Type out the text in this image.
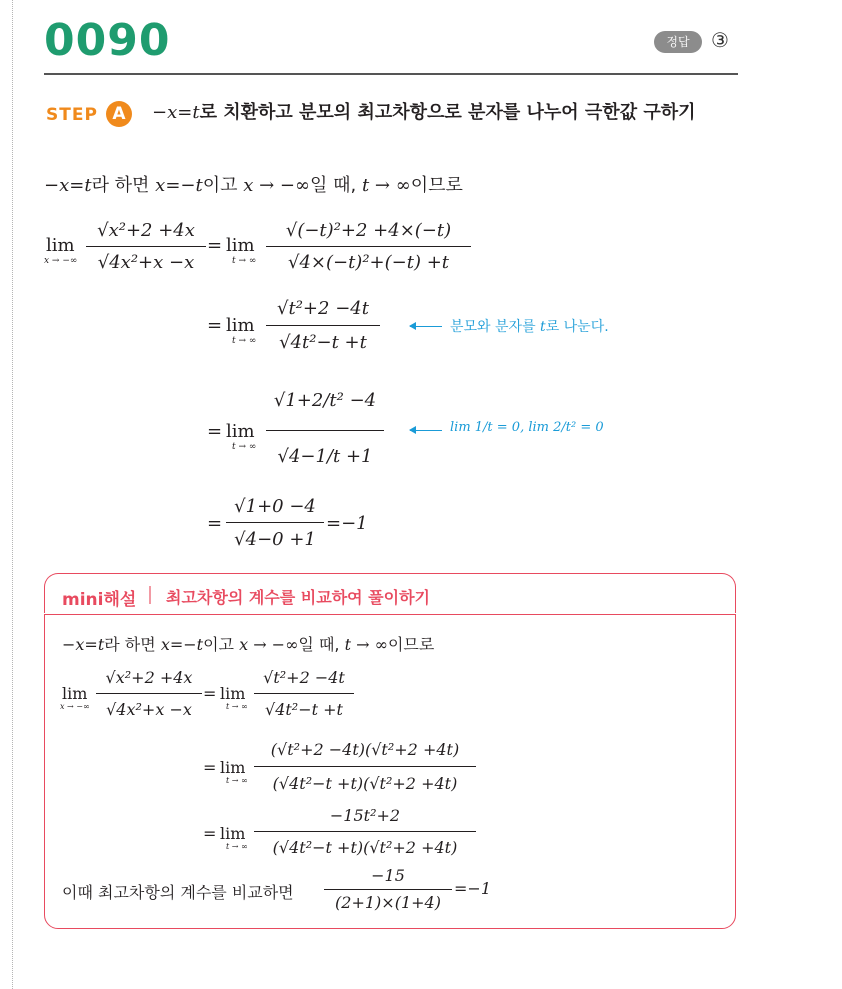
0090	정답	③
STEP A	−x=t로 치환하고 분모의 최고차항으로 분자를 나누어 극한값 구하기
−x=t라 하면 x=−t이고 x → −∞일 때, t → ∞이므로
lim
x → −∞
√x²+2 +4x
√4x²+x −x
= lim
t → ∞
√(−t)²+2 +4×(−t)
√4×(−t)²+(−t) +t
= lim
t → ∞
√t²+2 −4t
√4t²−t +t
분모와 분자를 t로 나눈다.
= lim
t → ∞
√1+2/t² −4
√4−1/t +1
lim 1/t = 0, lim 2/t² = 0
=
√1+0 −4
√4−0 +1
=−1
mini해설 최고차항의 계수를 비교하여 풀이하기
−x=t라 하면 x=−t이고 x → −∞일 때, t → ∞이므로
lim
x → −∞
√x²+2 +4x
√4x²+x −x
= lim
t → ∞
√t²+2 −4t
√4t²−t +t
= lim
t → ∞
(√t²+2 −4t)(√t²+2 +4t)
(√4t²−t +t)(√t²+2 +4t)
= lim
t → ∞
−15t²+2
(√4t²−t +t)(√t²+2 +4t)
이때 최고차항의 계수를 비교하면
−15
(2+1)×(1+4)
=−1
